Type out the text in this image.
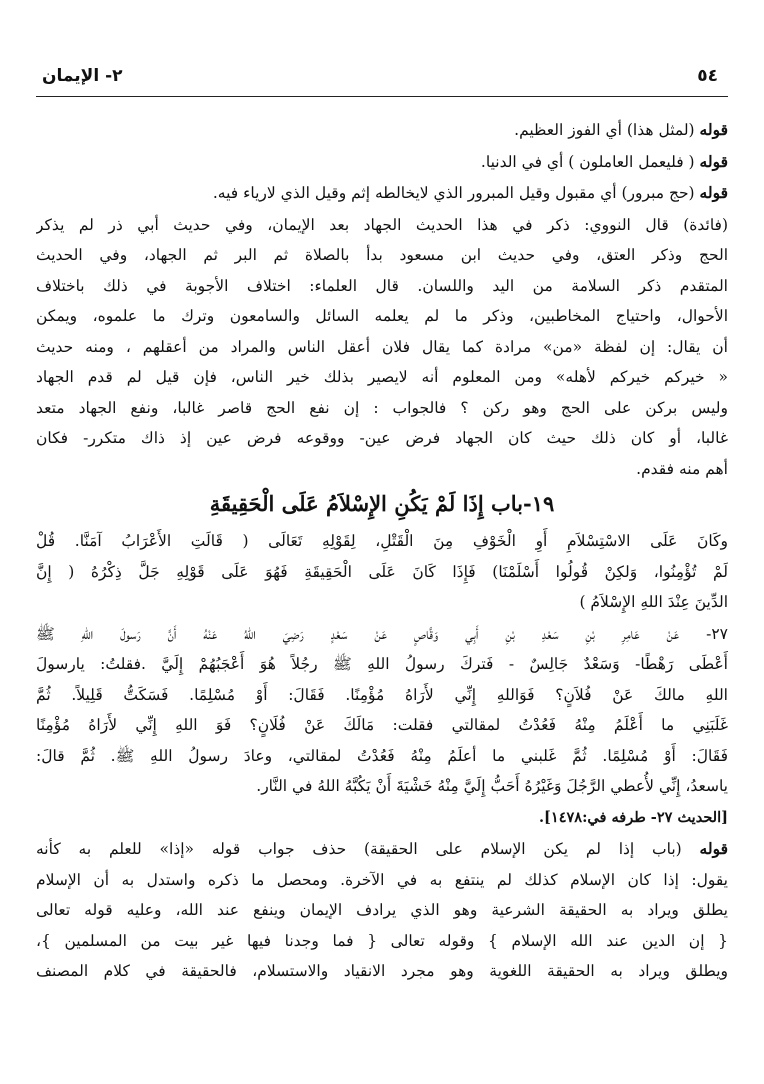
٥٤
٢- الإيمان
قوله (لمثل هذا) أي الفوز العظيم.
قوله ( فليعمل العاملون ) أي في الدنيا.
قوله (حج مبرور) أي مقبول وقيل المبرور الذي لايخالطه إثم وقيل الذي لارياء فيه.
(فائدة) قال النووي: ذكر في هذا الحديث الجهاد بعد الإيمان، وفي حديث أبي ذر لم يذكر
الحج وذكر العتق، وفي حديث ابن مسعود بدأ بالصلاة ثم البر ثم الجهاد، وفي الحديث
المتقدم ذكر السلامة من اليد واللسان. قال العلماء: اختلاف الأجوبة في ذلك باختلاف
الأحوال، واحتياج المخاطبين، وذكر ما لم يعلمه السائل والسامعون وترك ما علموه، ويمكن
أن يقال: إن لفظة «من» مرادة كما يقال فلان أعقل الناس والمراد من أعقلهم ، ومنه حديث
« خيركم خيركم لأهله» ومن المعلوم أنه لايصير بذلك خير الناس، فإن قيل لم قدم الجهاد
وليس بركن على الحج وهو ركن ؟ فالجواب : إن نفع الحج قاصر غالبا، ونفع الجهاد متعد
غالبا، أو كان ذلك حيث كان الجهاد فرض عين- ووقوعه فرض عين إذ ذاك متكرر- فكان
أهم منه فقدم.
١٩-باب إِذَا لَمْ يَكُنِ الإِسْلاَمُ عَلَى الْحَقِيقَةِ
وكَانَ عَلَى الاسْتِسْلاَمِ أَوِ الْخَوْفِ مِنَ الْقَتْلِ، لِقَوْلِهِ تَعَالَى ( قَالَتِ الأَعْرَابُ آمَنَّا. قُلْ
لَمْ تُؤْمِنُوا، وَلكِنْ قُولُوا أَسْلَمْنَا) فَإِذَا كَانَ عَلَى الْحَقِيقَةِ فَهُوَ عَلَى قَوْلِهِ جَلَّ ذِكْرُهُ ( إِنَّ
الدِّينَ عِنْدَ اللهِ الإِسْلاَمُ )
٢٧- عَنْ عَامِرِ بْنِ سَعْدِ بْنِ أَبِي وَقَّاصٍ عَنْ سَعْدٍ رَضِيَ اللهُ عَنْهُ أَنَّ رَسولَ اللهِ ﷺ
أَعْطَى رَهْطًا- وَسَعْدٌ جَالِسٌ - فَتركَ رسولُ اللهِ ﷺ رجُلاً هُوَ أَعْجَبُهُمْ إِلَيَّ .فقلتُ: يارسولَ
اللهِ مالكَ عَنْ فُلاَنٍ؟ فَوَاللهِ إِنِّي لأَرَاهُ مُؤْمِنًا. فَقَالَ: أَوْ مُسْلِمًا. فَسَكَتُّ قَلِيلاً. ثُمَّ
غَلَبَنِي ما أَعْلَمُ مِنْهُ فَعُدْتُ لمقالتي فقلت: مَالَكَ عَنْ فُلَانٍ؟ فَوَ اللهِ إِنِّي لأَرَاهُ مُؤْمِنًا
فَقَالَ: أَوْ مُسْلِمًا. ثُمَّ غَلبني ما أعلَمُ مِنْهُ فَعُدْتُ لمقالتي، وعادَ رسولُ اللهِ ﷺ. ثُمَّ قالَ:
ياسعدُ، إِنِّي لأُعطي الرَّجُلَ وَغَيْرُهُ أَحَبُّ إِلَيَّ مِنْهُ خَشْيَةَ أَنْ يَكُبَّهُ اللهُ في النَّار.
[الحديث ٢٧- طرفه في:١٤٧٨].
قوله (باب إذا لم يكن الإسلام على الحقيقة) حذف جواب قوله «إذا» للعلم به كأنه
يقول: إذا كان الإسلام كذلك لم ينتفع به في الآخرة. ومحصل ما ذكره واستدل به أن الإسلام
يطلق ويراد به الحقيقة الشرعية وهو الذي يرادف الإيمان وينفع عند الله، وعليه قوله تعالى
{ إن الدين عند الله الإسلام } وقوله تعالى { فما وجدنا فيها غير بيت من المسلمين }،
ويطلق ويراد به الحقيقة اللغوية وهو مجرد الانقياد والاستسلام، فالحقيقة في كلام المصنف
